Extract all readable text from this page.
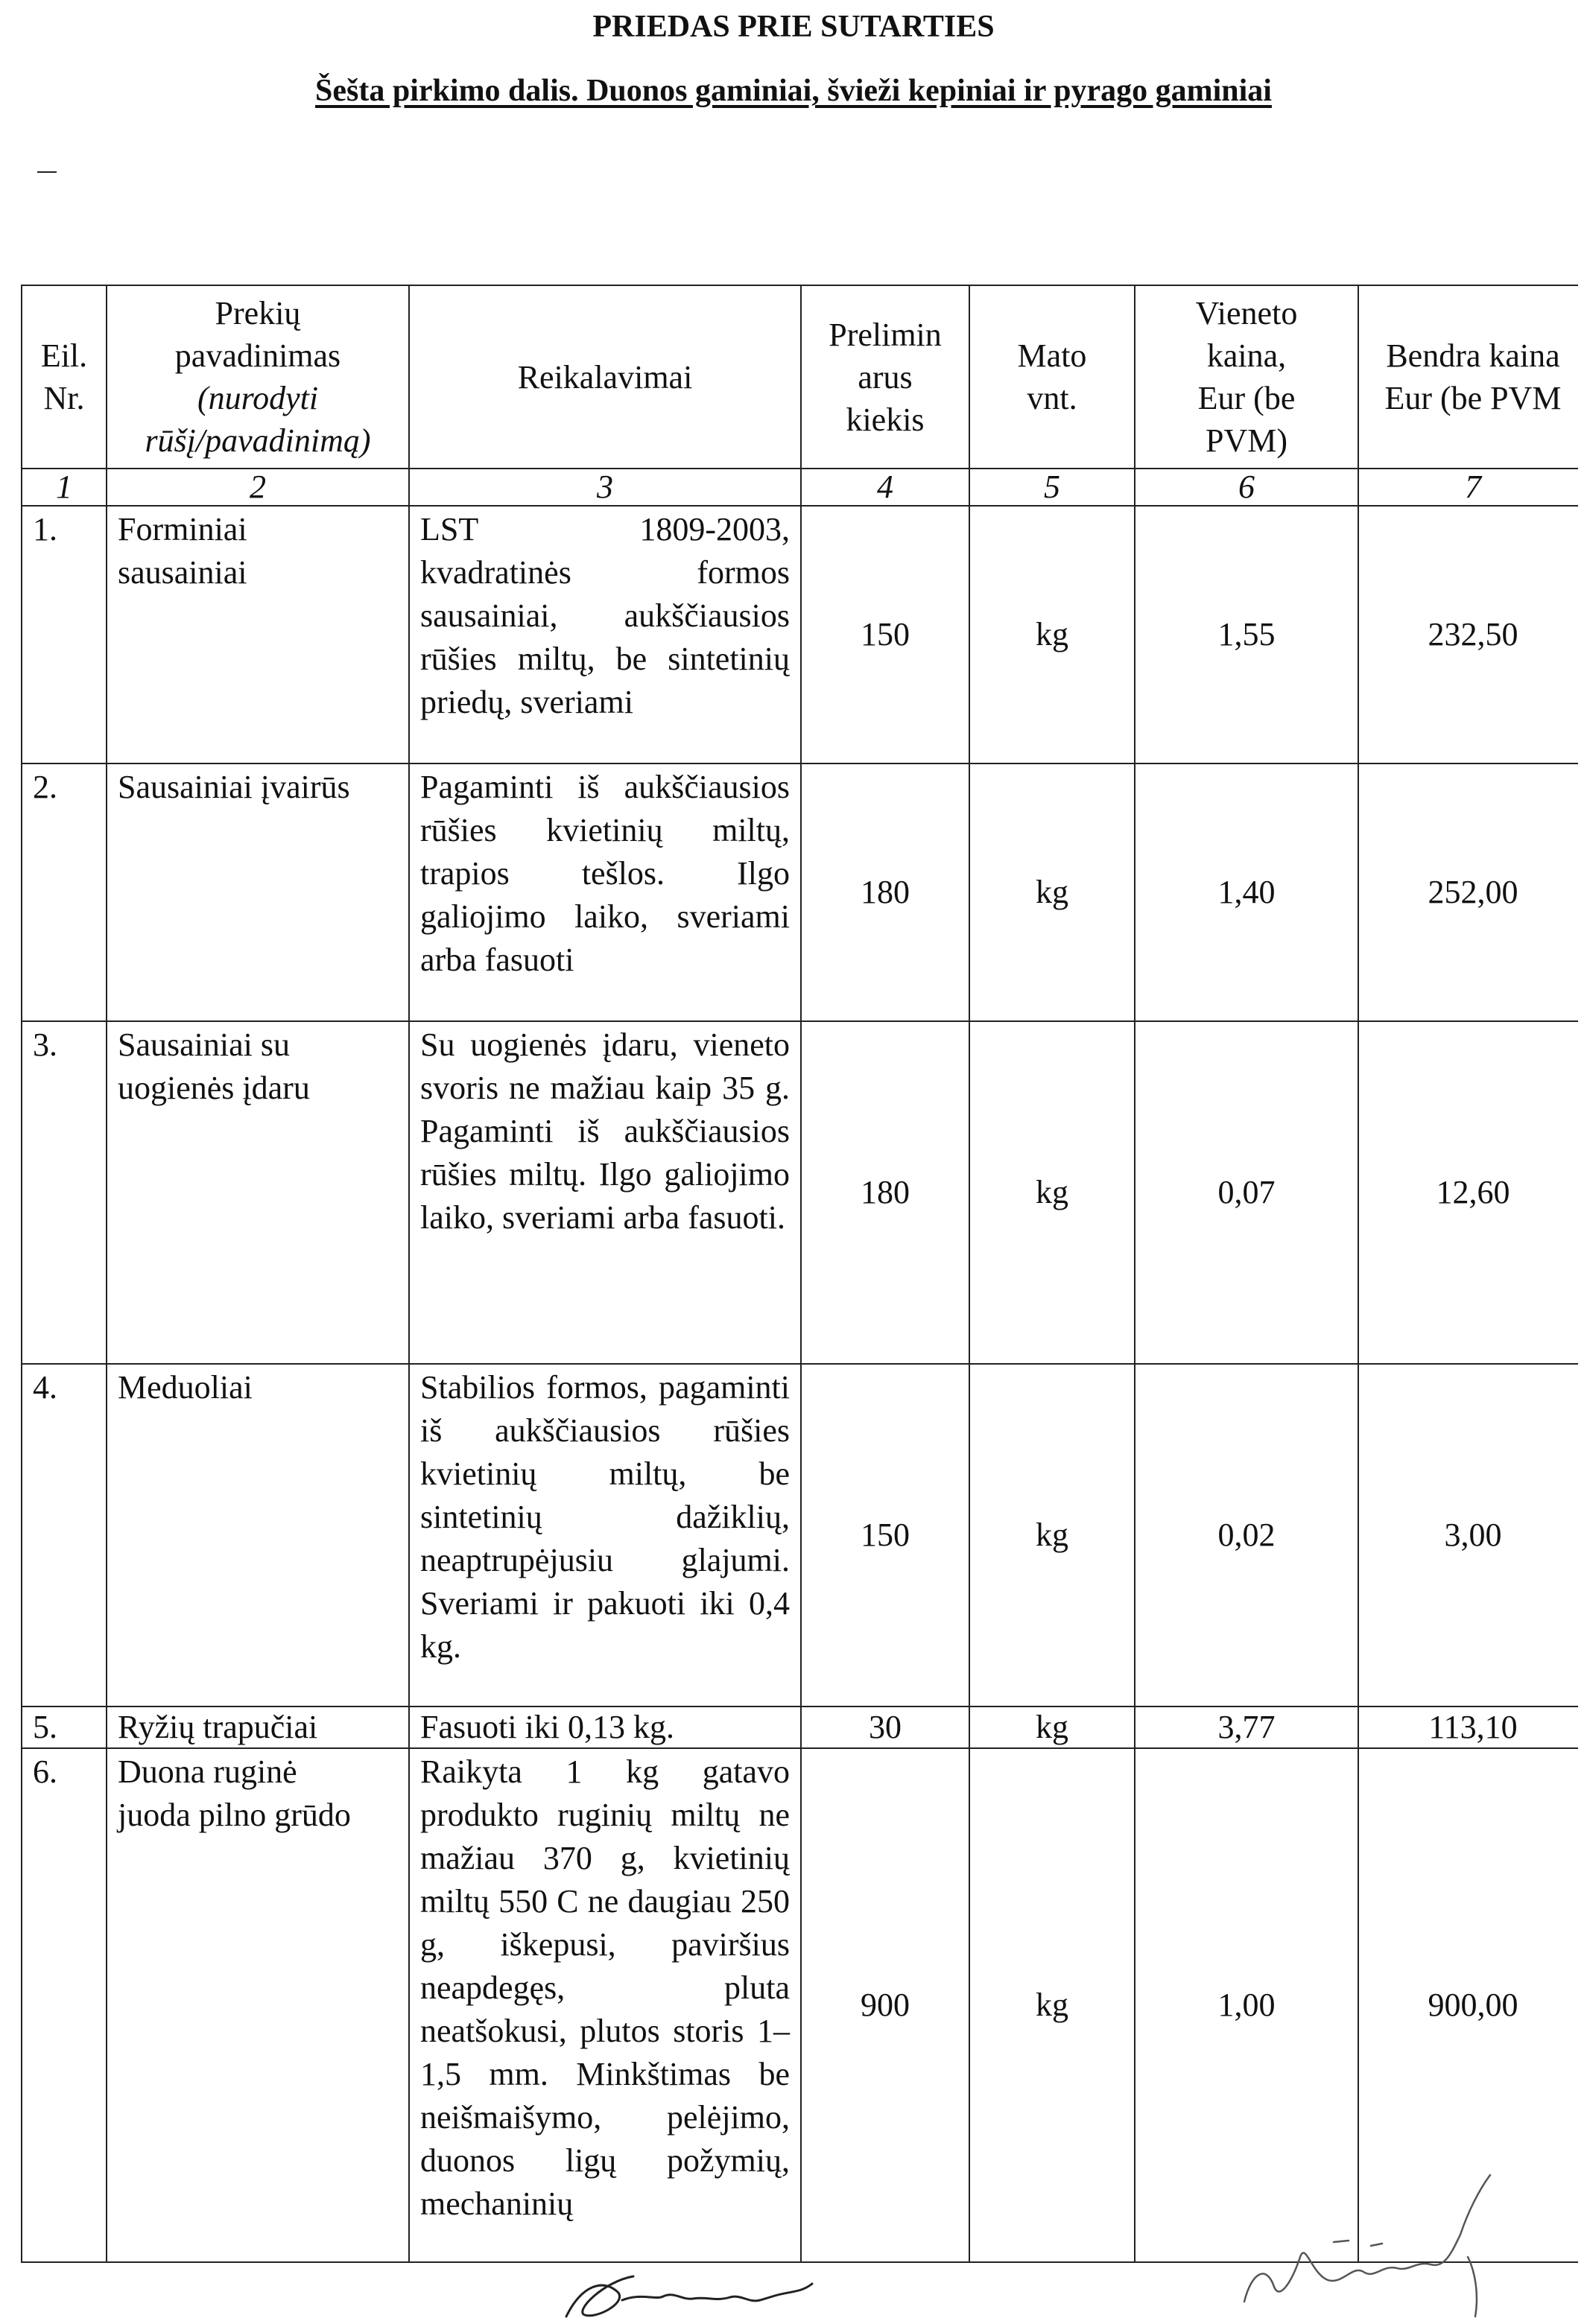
PRIEDAS PRIE SUTARTIES
Šešta pirkimo dalis. Duonos gaminiai, švieži kepiniai ir pyrago gaminiai
Eil.
Nr.	Prekių
pavadinimas
(nurodyti
rūšį/pavadinimą)	Reikalavimai	Prelimin
arus
kiekis	Mato
vnt.	Vieneto
kaina,
Eur (be
PVM)	Bendra kaina
Eur (be PVM

1	2	3	4	5	6	7
1.	Forminiai
sausainiai	LST 1809-2003, kvadratinės formos sausainiai, aukščiausios rūšies miltų, be sintetinių priedų, sveriami	150	kg	1,55	232,50
2.	Sausainiai įvairūs	Pagaminti iš aukščiausios rūšies kvietinių miltų, trapios tešlos. Ilgo galiojimo laiko, sveriami arba fasuoti	180	kg	1,40	252,00
3.	Sausainiai su
uogienės įdaru	Su uogienės įdaru, vieneto svoris ne mažiau kaip 35 g. Pagaminti iš aukščiausios rūšies miltų. Ilgo galiojimo laiko, sveriami arba fasuoti.	180	kg	0,07	12,60
4.	Meduoliai	Stabilios formos, pagaminti iš aukščiausios rūšies kvietinių miltų, be sintetinių dažiklių, neaptrupėjusiu glajumi. Sveriami ir pakuoti iki 0,4 kg.	150	kg	0,02	3,00
5.	Ryžių trapučiai	Fasuoti iki 0,13 kg.	30	kg	3,77	113,10
6.	Duona ruginė
juoda pilno grūdo	Raikyta 1 kg gatavo produkto ruginių miltų ne mažiau 370 g, kvietinių miltų 550 C ne daugiau 250 g, iškepusi, paviršius neapdegęs, pluta neatšokusi, plutos storis 1–1,5 mm. Minkštimas be neišmaišymo, pelėjimo, duonos ligų požymių, mechaninių	900	kg	1,00	900,00
